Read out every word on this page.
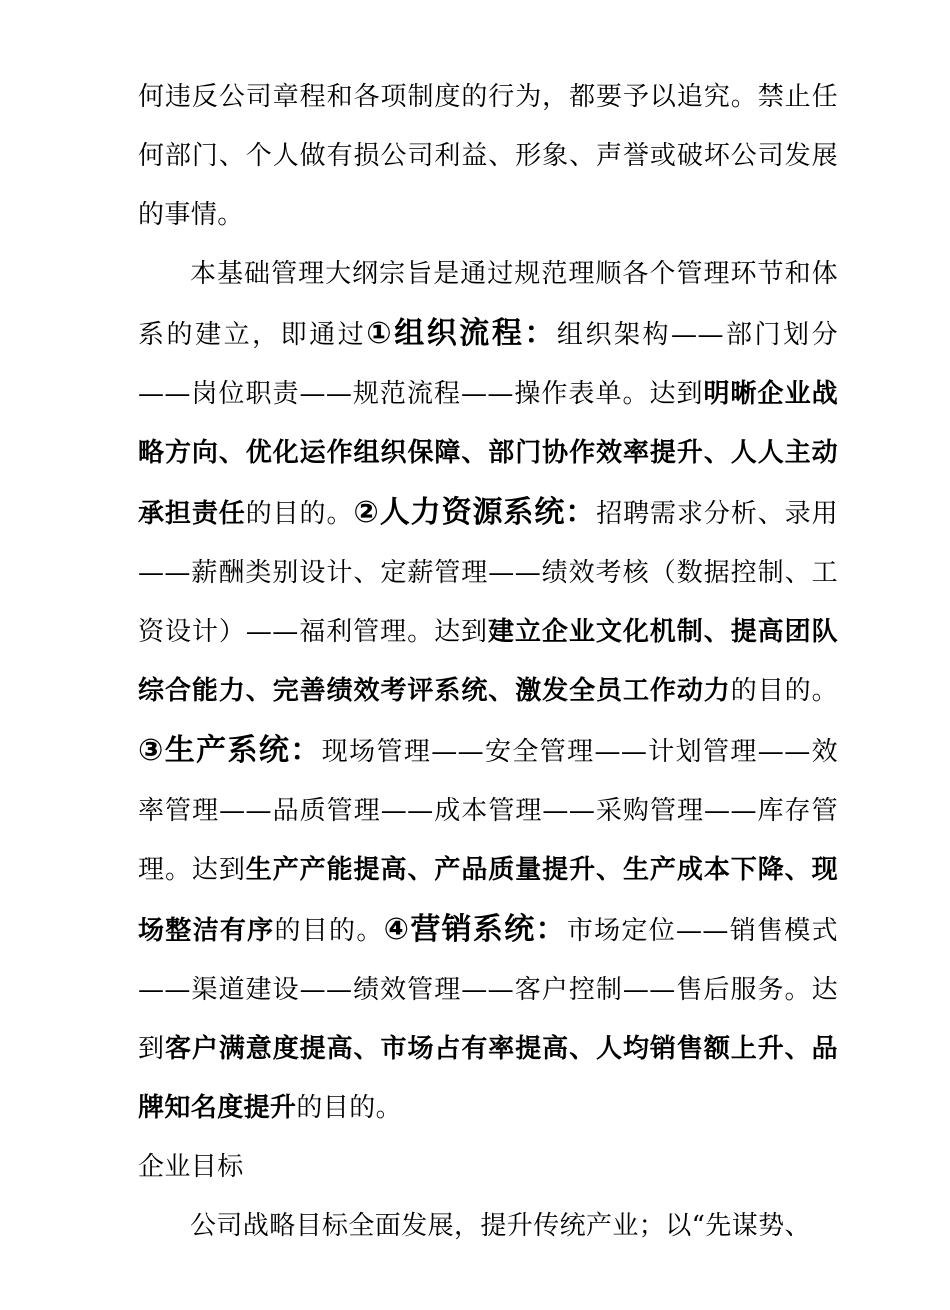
何违反公司章程和各项制度的行为，都要予以追究。禁止任何部门、个人做有损公司利益、形象、声誉或破坏公司发展的事情。

本基础管理大纲宗旨是通过规范理顺各个管理环节和体系的建立，即通过①组织流程：组织架构——部门划分——岗位职责——规范流程——操作表单。达到明晰企业战略方向、优化运作组织保障、部门协作效率提升、人人主动承担责任的目的。②人力资源系统：招聘需求分析、录用——薪酬类别设计、定薪管理——绩效考核（数据控制、工资设计）——福利管理。达到建立企业文化机制、提高团队综合能力、完善绩效考评系统、激发全员工作动力的目的。③生产系统：现场管理——安全管理——计划管理——效率管理——品质管理——成本管理——采购管理——库存管理。达到生产产能提高、产品质量提升、生产成本下降、现场整洁有序的目的。④营销系统：市场定位——销售模式——渠道建设——绩效管理——客户控制——售后服务。达到客户满意度提高、市场占有率提高、人均销售额上升、品牌知名度提升的目的。

企业目标

公司战略目标全面发展，提升传统产业；以“先谋势、
